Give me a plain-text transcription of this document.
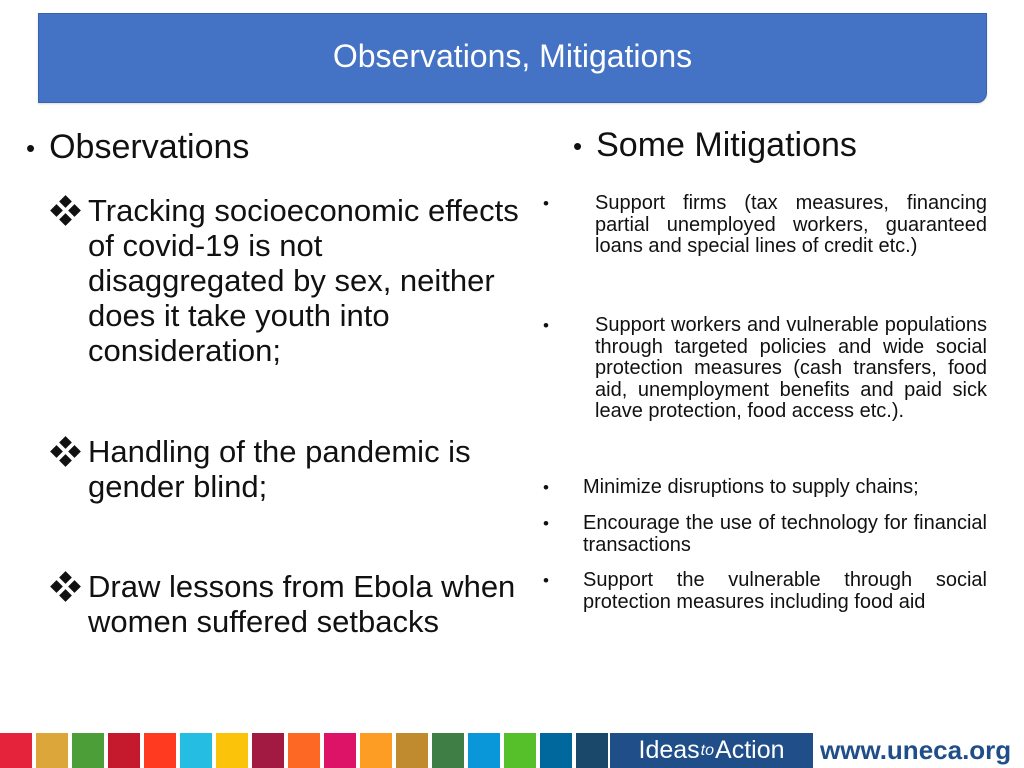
Observations, Mitigations
• Observations
Tracking socioeconomic effects of covid-19 is not disaggregated by sex, neither does it take youth into consideration;
Handling of the pandemic is gender blind;
Draw lessons from Ebola when women suffered setbacks
• Some Mitigations
•	Support firms (tax measures, financing partial unemployed workers, guaranteed loans and special lines of credit etc.)
•	Support workers and vulnerable populations through targeted policies and wide social protection measures (cash transfers, food aid, unemployment benefits and paid sick leave protection, food access etc.).
•	Minimize disruptions to supply chains;
•	Encourage the use of technology for financial transactions
•	Support the vulnerable through social protection measures including food aid
Ideas to Action www.uneca.org
